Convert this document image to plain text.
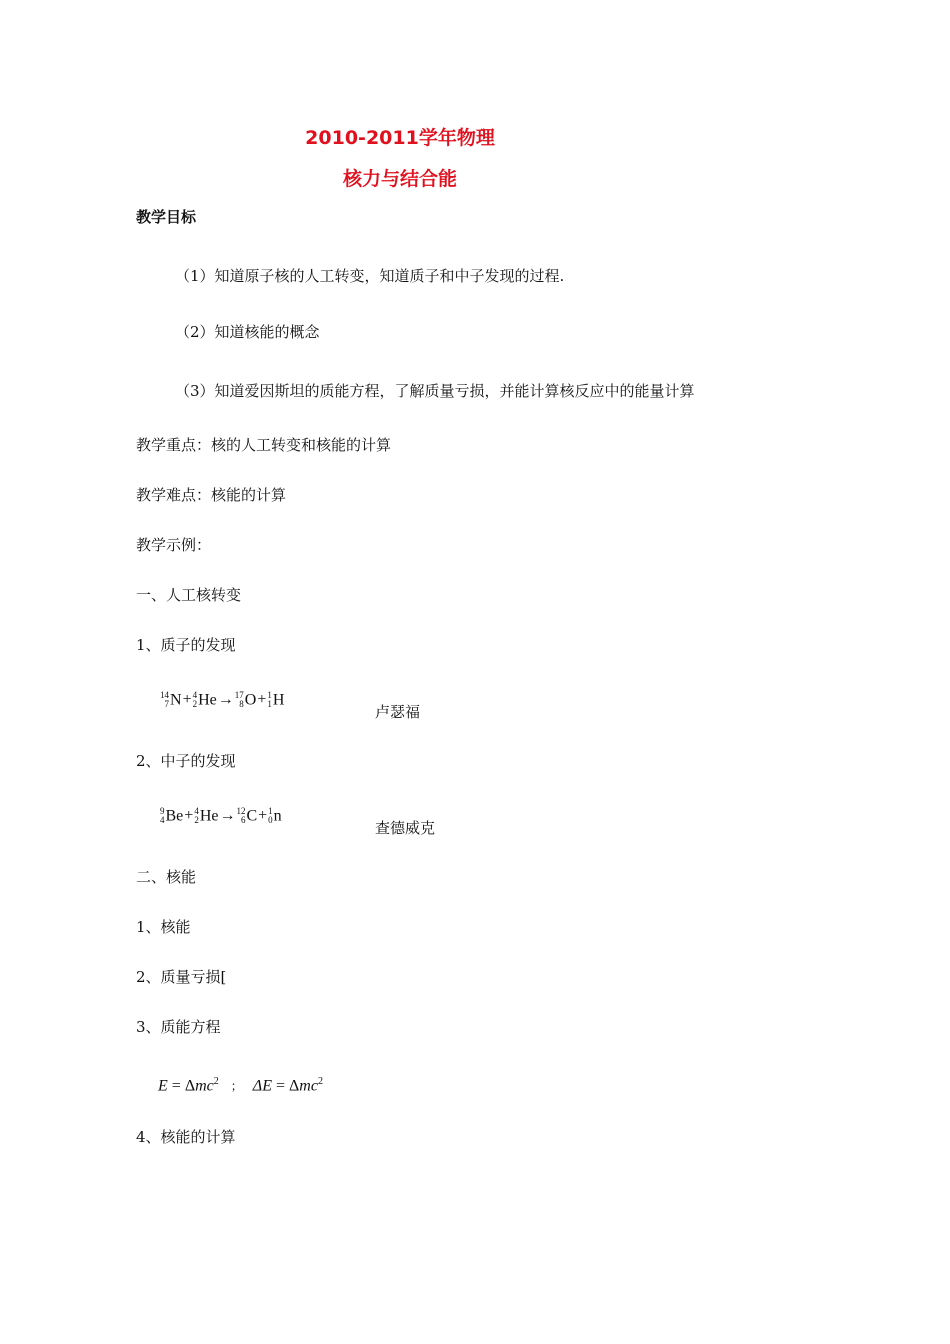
2010-2011学年物理
核力与结合能
教学目标
（1）知道原子核的人工转变，知道质子和中子发现的过程.
（2）知道核能的概念
（3）知道爱因斯坦的质能方程，了解质量亏损，并能计算核反应中的能量计算
教学重点：核的人工转变和核能的计算
教学难点：核能的计算
教学示例：
一、人工核转变
1、质子的发现
14
7 N+ 4
2 He→ 17
8 O+ 1
1 H
卢瑟福
2、中子的发现
9
4 Be+ 4
2 He→ 12
6 C+ 1
0 n
查德威克
二、核能
1、核能
2、质量亏损[
3、质能方程
E = Δmc$^2$ ； ΔE = Δmc$^2$
4、核能的计算
